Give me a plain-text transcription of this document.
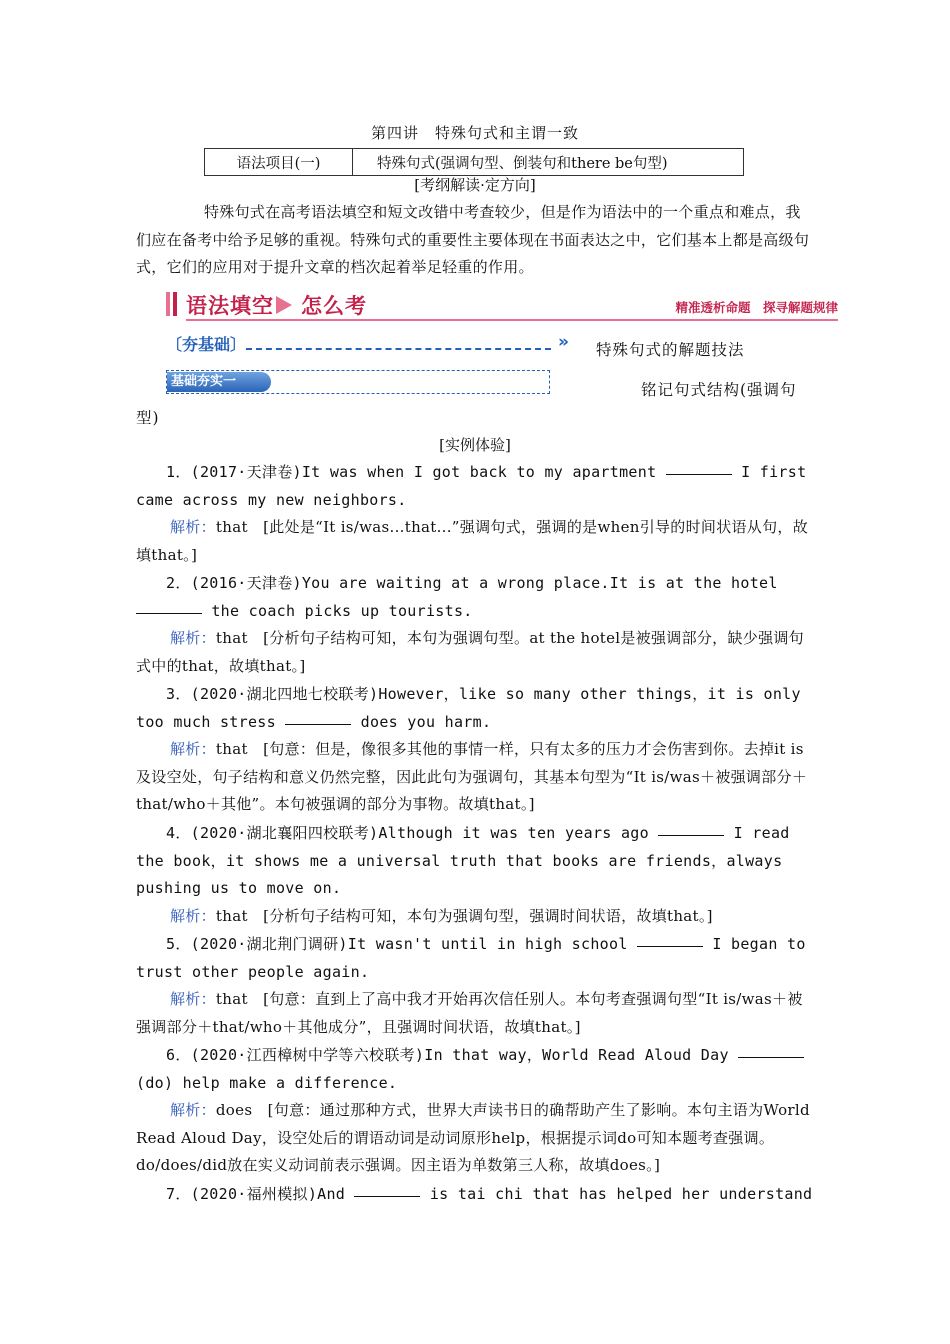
第四讲　特殊句式和主谓一致
语法项目(一)	特殊句式(强调句型、倒装句和there be句型)
[考纲解读·定方向]
特殊句式在高考语法填空和短文改错中考查较少，但是作为语法中的一个重点和难点，我们应在备考中给予足够的重视。特殊句式的重要性主要体现在书面表达之中，它们基本上都是高级句式，它们的应用对于提升文章的档次起着举足轻重的作用。
语法填空 怎么考	精准透析命题　探寻解题规律
〔夯基础〕	» 特殊句式的解题技法
基础夯实一	铭记句式结构(强调句
型)
[实例体验]
1．(2017·天津卷)It was when I got back to my apartment	I first came across my new neighbors.
解析：that　[此处是“It is/was...that...”强调句式，强调的是when引导的时间状语从句，故填that。]
2．(2016·天津卷)You are waiting at a wrong place.It is at the hotel  the coach picks up tourists.
解析：that　[分析句子结构可知，本句为强调句型。at the hotel是被强调部分，缺少强调句式中的that，故填that。]
3．(2020·湖北四地七校联考)However，like so many other things，it is only too much stress	does you harm.
解析：that　[句意：但是，像很多其他的事情一样，只有太多的压力才会伤害到你。去掉it is及设空处，句子结构和意义仍然完整，因此此句为强调句，其基本句型为“It is/was＋被强调部分＋that/who＋其他”。本句被强调的部分为事物。故填that。]
4．(2020·湖北襄阳四校联考)Although it was ten years ago	I read the book，it shows me a universal truth that books are friends，always pushing us to move on.
解析：that　[分析句子结构可知，本句为强调句型，强调时间状语，故填that。]
5．(2020·湖北荆门调研)It wasn't until in high school	I began to trust other people again.
解析：that　[句意：直到上了高中我才开始再次信任别人。本句考查强调句型“It is/was＋被强调部分＋that/who＋其他成分”，且强调时间状语，故填that。]
6．(2020·江西樟树中学等六校联考)In that way，World Read Aloud Day  (do) help make a difference.
解析：does　[句意：通过那种方式，世界大声读书日的确帮助产生了影响。本句主语为World Read Aloud Day，设空处后的谓语动词是动词原形help，根据提示词do可知本题考查强调。do/does/did放在实义动词前表示强调。因主语为单数第三人称，故填does。]
7．(2020·福州模拟)And	is tai chi that has helped her understand
